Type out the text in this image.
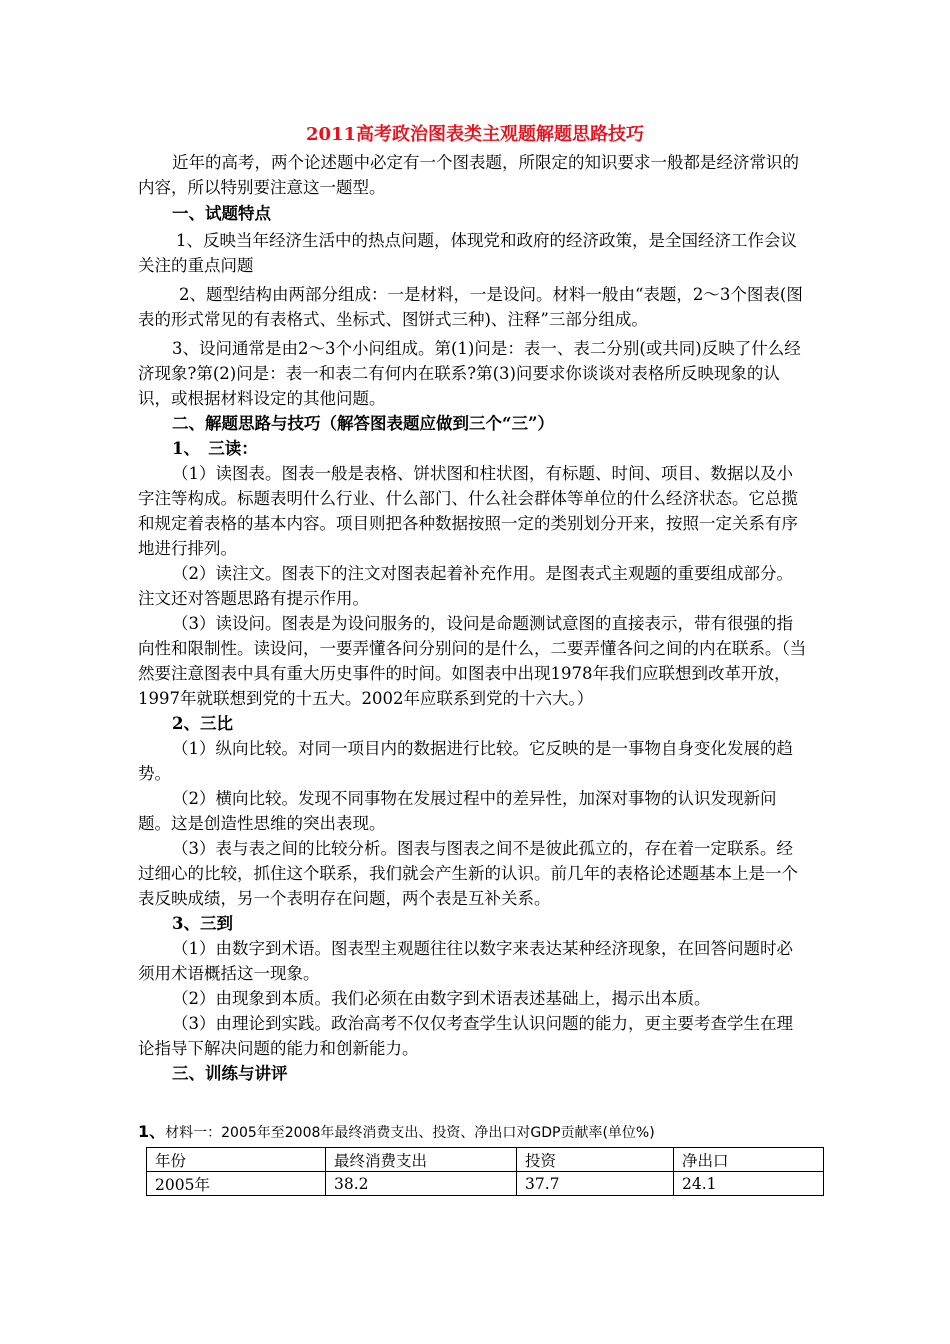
2011高考政治图表类主观题解题思路技巧

近年的高考，两个论述题中必定有一个图表题，所限定的知识要求一般都是经济常识的内容，所以特别要注意这一题型。

一、试题特点

1、反映当年经济生活中的热点问题，体现党和政府的经济政策，是全国经济工作会议关注的重点问题

2、题型结构由两部分组成：一是材料，一是设问。材料一般由“表题，2～3个图表(图表的形式常见的有表格式、坐标式、图饼式三种)、注释”三部分组成。

3、设问通常是由2～3个小问组成。第(1)问是：表一、表二分别(或共同)反映了什么经济现象?第(2)问是：表一和表二有何内在联系?第(3)问要求你谈谈对表格所反映现象的认识，或根据材料设定的其他问题。

二、解题思路与技巧（解答图表题应做到三个“三”）

1、　三读：

（1）读图表。图表一般是表格、饼状图和柱状图，有标题、时间、项目、数据以及小字注等构成。标题表明什么行业、什么部门、什么社会群体等单位的什么经济状态。它总揽和规定着表格的基本内容。项目则把各种数据按照一定的类别划分开来，按照一定关系有序地进行排列。

（2）读注文。图表下的注文对图表起着补充作用。是图表式主观题的重要组成部分。注文还对答题思路有提示作用。

（3）读设问。图表是为设问服务的，设问是命题测试意图的直接表示，带有很强的指向性和限制性。读设问，一要弄懂各问分别问的是什么，二要弄懂各问之间的内在联系。（当然要注意图表中具有重大历史事件的时间。如图表中出现1978年我们应联想到改革开放，1997年就联想到党的十五大。2002年应联系到党的十六大。）

2、三比

（1）纵向比较。对同一项目内的数据进行比较。它反映的是一事物自身变化发展的趋势。

（2）横向比较。发现不同事物在发展过程中的差异性，加深对事物的认识发现新问题。这是创造性思维的突出表现。

（3）表与表之间的比较分析。图表与图表之间不是彼此孤立的，存在着一定联系。经过细心的比较，抓住这个联系，我们就会产生新的认识。前几年的表格论述题基本上是一个表反映成绩，另一个表明存在问题，两个表是互补关系。

3、三到

（1）由数字到术语。图表型主观题往往以数字来表达某种经济现象，在回答问题时必须用术语概括这一现象。

（2）由现象到本质。我们必须在由数字到术语表述基础上，揭示出本质。

（3）由理论到实践。政治高考不仅仅考查学生认识问题的能力，更主要考查学生在理论指导下解决问题的能力和创新能力。

三、训练与讲评

1、材料一：2005年至2008年最终消费支出、投资、净出口对GDP贡献率(单位%)
年份	最终消费支出	投资	净出口
2005年	38.2	37.7	24.1
